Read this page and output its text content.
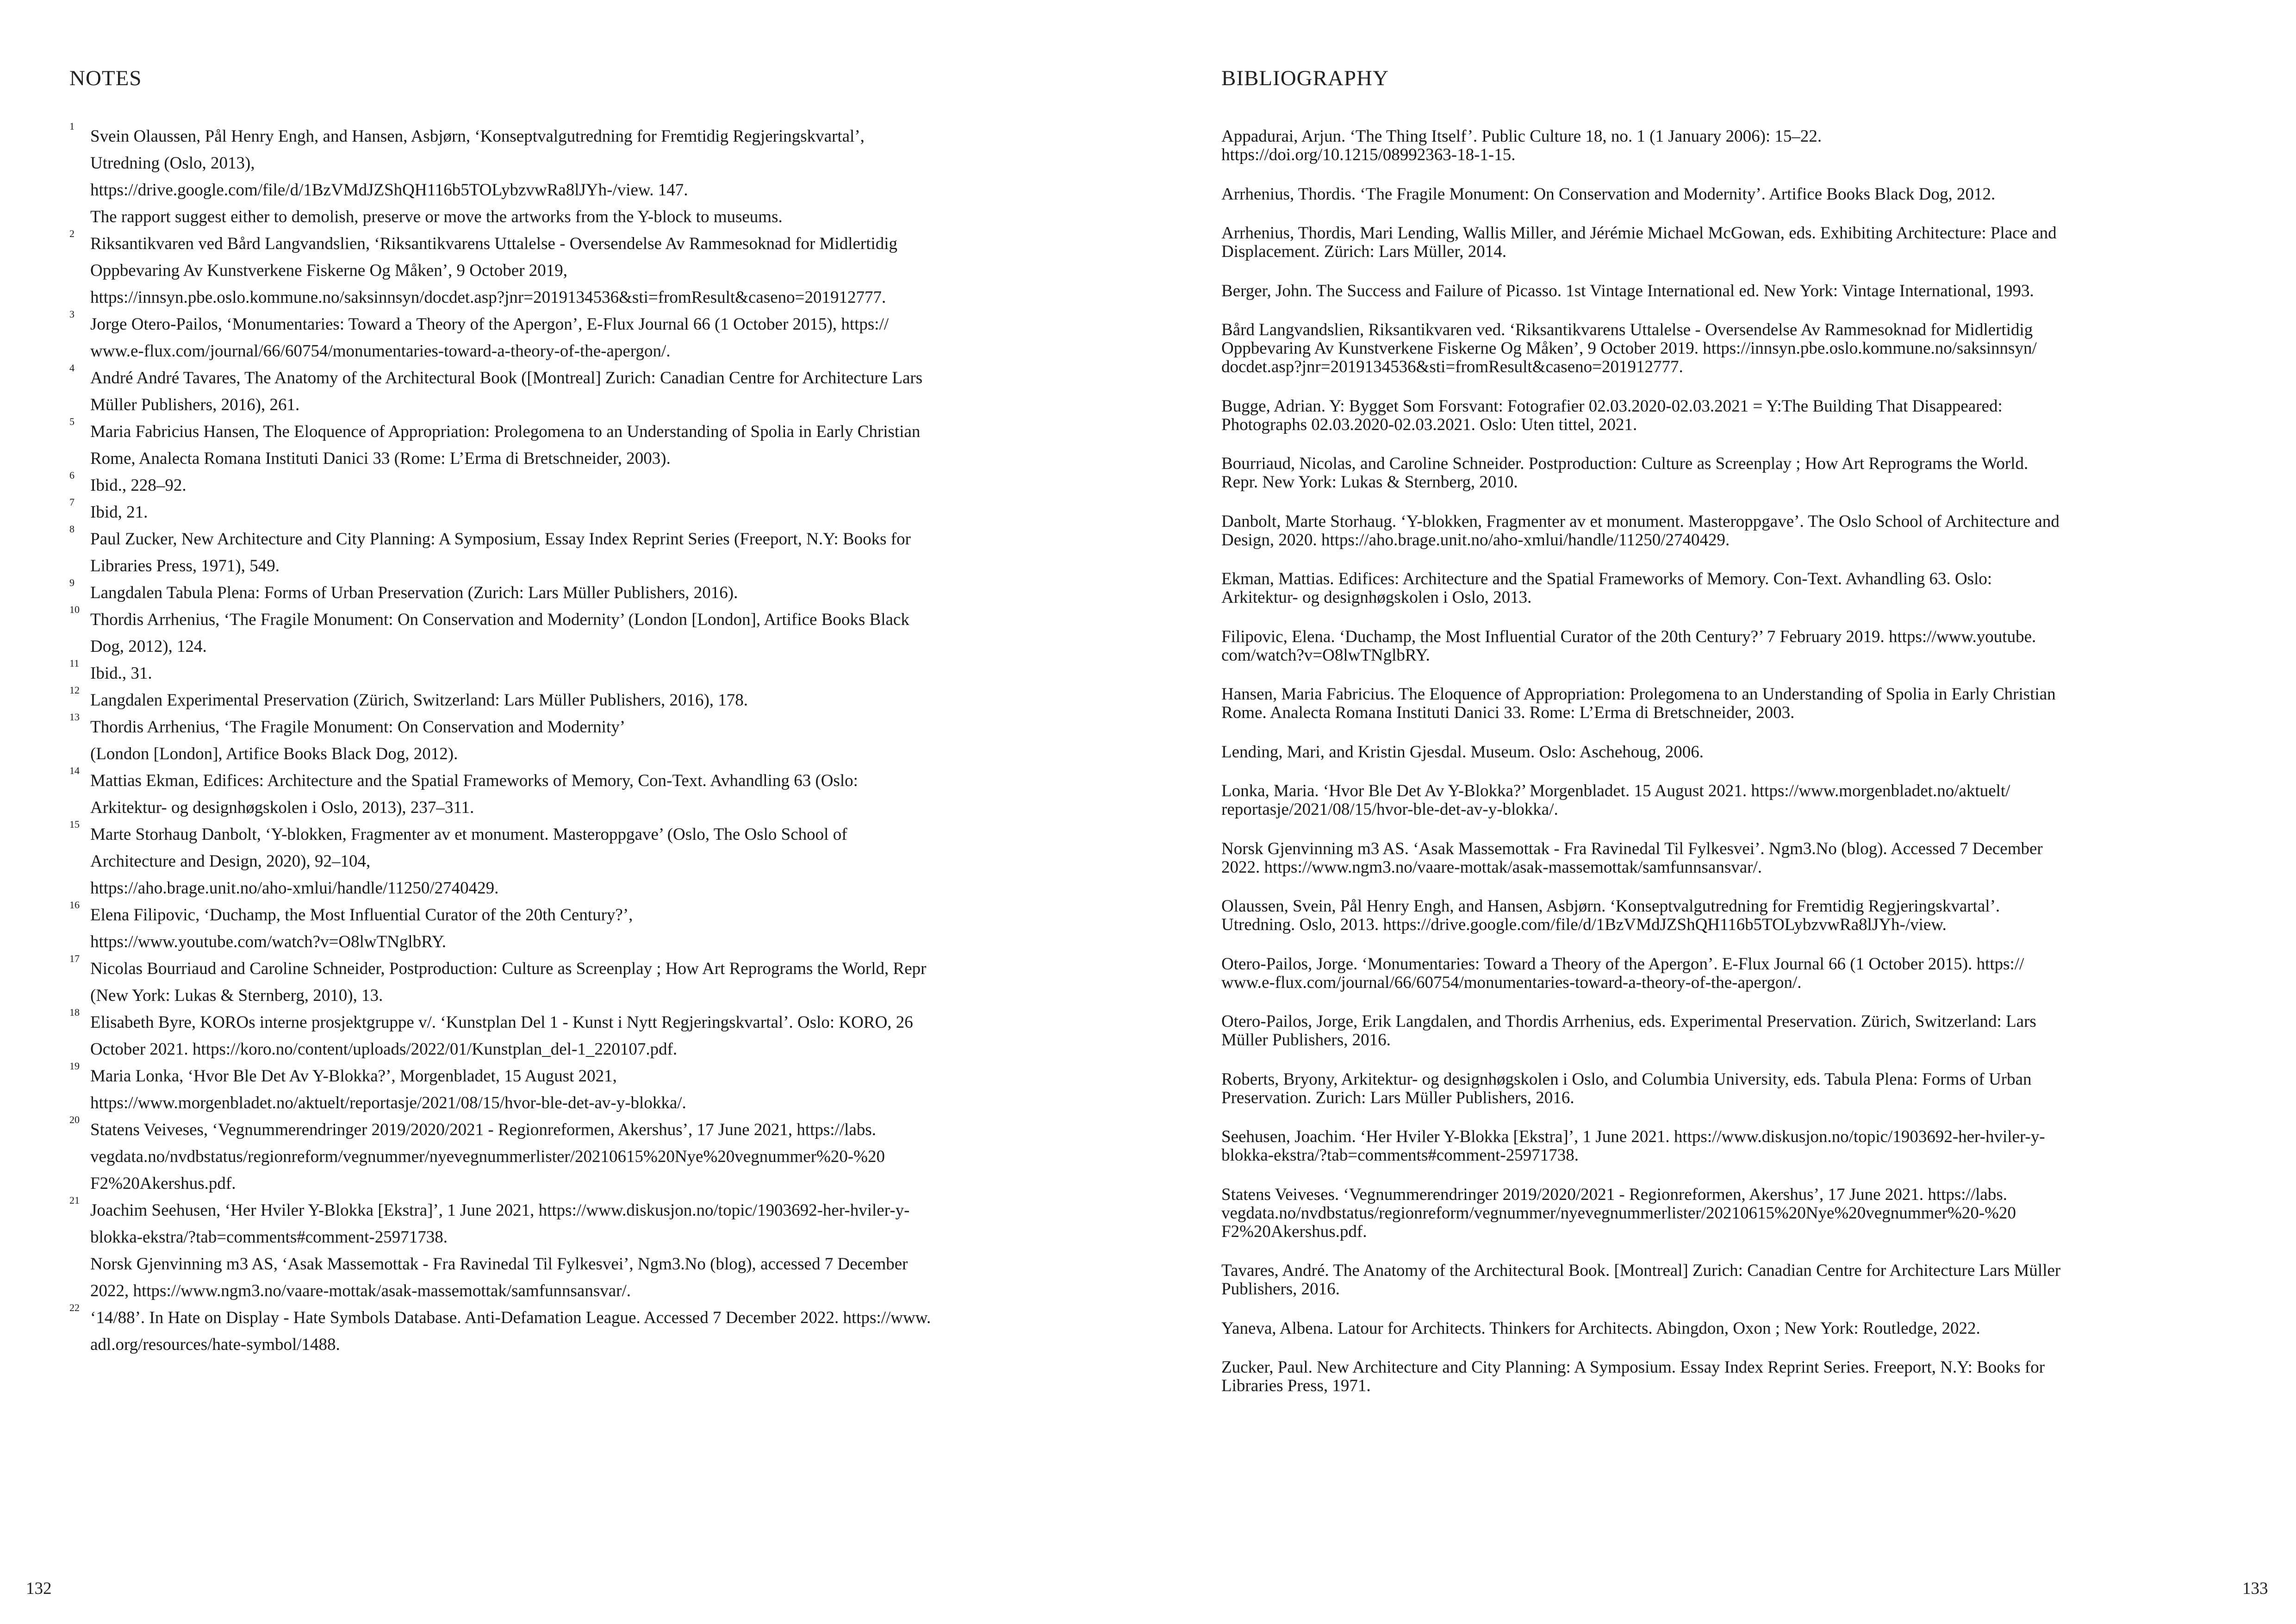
NOTES
1
Svein Olaussen, Pål Henry Engh, and Hansen, Asbjørn, ‘Konseptvalgutredning for Fremtidig Regjeringskvartal’,
Utredning (Oslo, 2013),
https://drive.google.com/file/d/1BzVMdJZShQH116b5TOLybzvwRa8lJYh-/view. 147.
The rapport suggest either to demolish, preserve or move the artworks from the Y-block to museums.
2
Riksantikvaren ved Bård Langvandslien, ‘Riksantikvarens Uttalelse - Oversendelse Av Rammesoknad for Midlertidig
Oppbevaring Av Kunstverkene Fiskerne Og Måken’, 9 October 2019,
https://innsyn.pbe.oslo.kommune.no/saksinnsyn/docdet.asp?jnr=2019134536&sti=fromResult&caseno=201912777.
3
Jorge Otero-Pailos, ‘Monumentaries: Toward a Theory of the Apergon’, E-Flux Journal 66 (1 October 2015), https://
www.e-flux.com/journal/66/60754/monumentaries-toward-a-theory-of-the-apergon/.
4
André André Tavares, The Anatomy of the Architectural Book ([Montreal] Zurich: Canadian Centre for Architecture Lars
Müller Publishers, 2016), 261.
5
Maria Fabricius Hansen, The Eloquence of Appropriation: Prolegomena to an Understanding of Spolia in Early Christian
Rome, Analecta Romana Instituti Danici 33 (Rome: L’Erma di Bretschneider, 2003).
6
Ibid., 228–92.
7
Ibid, 21.
8
Paul Zucker, New Architecture and City Planning: A Symposium, Essay Index Reprint Series (Freeport, N.Y: Books for
Libraries Press, 1971), 549.
9
Langdalen Tabula Plena: Forms of Urban Preservation (Zurich: Lars Müller Publishers, 2016).
10
Thordis Arrhenius, ‘The Fragile Monument: On Conservation and Modernity’ (London [London], Artifice Books Black
Dog, 2012), 124.
11
Ibid., 31.
12
Langdalen Experimental Preservation (Zürich, Switzerland: Lars Müller Publishers, 2016), 178.
13
Thordis Arrhenius, ‘The Fragile Monument: On Conservation and Modernity’
(London [London], Artifice Books Black Dog, 2012).
14
Mattias Ekman, Edifices: Architecture and the Spatial Frameworks of Memory, Con-Text. Avhandling 63 (Oslo:
Arkitektur- og designhøgskolen i Oslo, 2013), 237–311.
15
Marte Storhaug Danbolt, ‘Y-blokken, Fragmenter av et monument. Masteroppgave’ (Oslo, The Oslo School of
Architecture and Design, 2020), 92–104,
https://aho.brage.unit.no/aho-xmlui/handle/11250/2740429.
16
Elena Filipovic, ‘Duchamp, the Most Influential Curator of the 20th Century?’,
https://www.youtube.com/watch?v=O8lwTNglbRY.
17
Nicolas Bourriaud and Caroline Schneider, Postproduction: Culture as Screenplay ; How Art Reprograms the World, Repr
(New York: Lukas & Sternberg, 2010), 13.
18
Elisabeth Byre, KOROs interne prosjektgruppe v/. ‘Kunstplan Del 1 - Kunst i Nytt Regjeringskvartal’. Oslo: KORO, 26
October 2021. https://koro.no/content/uploads/2022/01/Kunstplan_del-1_220107.pdf.
19
Maria Lonka, ‘Hvor Ble Det Av Y-Blokka?’, Morgenbladet, 15 August 2021,
https://www.morgenbladet.no/aktuelt/reportasje/2021/08/15/hvor-ble-det-av-y-blokka/.
20
Statens Veiveses, ‘Vegnummerendringer 2019/2020/2021 - Regionreformen, Akershus’, 17 June 2021, https://labs.
vegdata.no/nvdbstatus/regionreform/vegnummer/nyevegnummerlister/20210615%20Nye%20vegnummer%20-%20
F2%20Akershus.pdf.
21
Joachim Seehusen, ‘Her Hviler Y-Blokka [Ekstra]’, 1 June 2021, https://www.diskusjon.no/topic/1903692-her-hviler-y-
blokka-ekstra/?tab=comments#comment-25971738.
Norsk Gjenvinning m3 AS, ‘Asak Massemottak - Fra Ravinedal Til Fylkesvei’, Ngm3.No (blog), accessed 7 December
2022, https://www.ngm3.no/vaare-mottak/asak-massemottak/samfunnsansvar/.
22
‘14/88’. In Hate on Display - Hate Symbols Database. Anti-Defamation League. Accessed 7 December 2022. https://www.
adl.org/resources/hate-symbol/1488.
BIBLIOGRAPHY
Appadurai, Arjun. ‘The Thing Itself’. Public Culture 18, no. 1 (1 January 2006): 15–22.
https://doi.org/10.1215/08992363-18-1-15.
Arrhenius, Thordis. ‘The Fragile Monument: On Conservation and Modernity’. Artifice Books Black Dog, 2012.
Arrhenius, Thordis, Mari Lending, Wallis Miller, and Jérémie Michael McGowan, eds. Exhibiting Architecture: Place and
Displacement. Zürich: Lars Müller, 2014.
Berger, John. The Success and Failure of Picasso. 1st Vintage International ed. New York: Vintage International, 1993.
Bård Langvandslien, Riksantikvaren ved. ‘Riksantikvarens Uttalelse - Oversendelse Av Rammesoknad for Midlertidig
Oppbevaring Av Kunstverkene Fiskerne Og Måken’, 9 October 2019. https://innsyn.pbe.oslo.kommune.no/saksinnsyn/
docdet.asp?jnr=2019134536&sti=fromResult&caseno=201912777.
Bugge, Adrian. Y: Bygget Som Forsvant: Fotografier 02.03.2020-02.03.2021 = Y:The Building That Disappeared:
Photographs 02.03.2020-02.03.2021. Oslo: Uten tittel, 2021.
Bourriaud, Nicolas, and Caroline Schneider. Postproduction: Culture as Screenplay ; How Art Reprograms the World.
Repr. New York: Lukas & Sternberg, 2010.
Danbolt, Marte Storhaug. ‘Y-blokken, Fragmenter av et monument. Masteroppgave’. The Oslo School of Architecture and
Design, 2020. https://aho.brage.unit.no/aho-xmlui/handle/11250/2740429.
Ekman, Mattias. Edifices: Architecture and the Spatial Frameworks of Memory. Con-Text. Avhandling 63. Oslo:
Arkitektur- og designhøgskolen i Oslo, 2013.
Filipovic, Elena. ‘Duchamp, the Most Influential Curator of the 20th Century?’ 7 February 2019. https://www.youtube.
com/watch?v=O8lwTNglbRY.
Hansen, Maria Fabricius. The Eloquence of Appropriation: Prolegomena to an Understanding of Spolia in Early Christian
Rome. Analecta Romana Instituti Danici 33. Rome: L’Erma di Bretschneider, 2003.
Lending, Mari, and Kristin Gjesdal. Museum. Oslo: Aschehoug, 2006.
Lonka, Maria. ‘Hvor Ble Det Av Y-Blokka?’ Morgenbladet. 15 August 2021. https://www.morgenbladet.no/aktuelt/
reportasje/2021/08/15/hvor-ble-det-av-y-blokka/.
Norsk Gjenvinning m3 AS. ‘Asak Massemottak - Fra Ravinedal Til Fylkesvei’. Ngm3.No (blog). Accessed 7 December
2022. https://www.ngm3.no/vaare-mottak/asak-massemottak/samfunnsansvar/.
Olaussen, Svein, Pål Henry Engh, and Hansen, Asbjørn. ‘Konseptvalgutredning for Fremtidig Regjeringskvartal’.
Utredning. Oslo, 2013. https://drive.google.com/file/d/1BzVMdJZShQH116b5TOLybzvwRa8lJYh-/view.
Otero-Pailos, Jorge. ‘Monumentaries: Toward a Theory of the Apergon’. E-Flux Journal 66 (1 October 2015). https://
www.e-flux.com/journal/66/60754/monumentaries-toward-a-theory-of-the-apergon/.
Otero-Pailos, Jorge, Erik Langdalen, and Thordis Arrhenius, eds. Experimental Preservation. Zürich, Switzerland: Lars
Müller Publishers, 2016.
Roberts, Bryony, Arkitektur- og designhøgskolen i Oslo, and Columbia University, eds. Tabula Plena: Forms of Urban
Preservation. Zurich: Lars Müller Publishers, 2016.
Seehusen, Joachim. ‘Her Hviler Y-Blokka [Ekstra]’, 1 June 2021. https://www.diskusjon.no/topic/1903692-her-hviler-y-
blokka-ekstra/?tab=comments#comment-25971738.
Statens Veiveses. ‘Vegnummerendringer 2019/2020/2021 - Regionreformen, Akershus’, 17 June 2021. https://labs.
vegdata.no/nvdbstatus/regionreform/vegnummer/nyevegnummerlister/20210615%20Nye%20vegnummer%20-%20
F2%20Akershus.pdf.
Tavares, André. The Anatomy of the Architectural Book. [Montreal] Zurich: Canadian Centre for Architecture Lars Müller
Publishers, 2016.
Yaneva, Albena. Latour for Architects. Thinkers for Architects. Abingdon, Oxon ; New York: Routledge, 2022.
Zucker, Paul. New Architecture and City Planning: A Symposium. Essay Index Reprint Series. Freeport, N.Y: Books for
Libraries Press, 1971.
132	133
